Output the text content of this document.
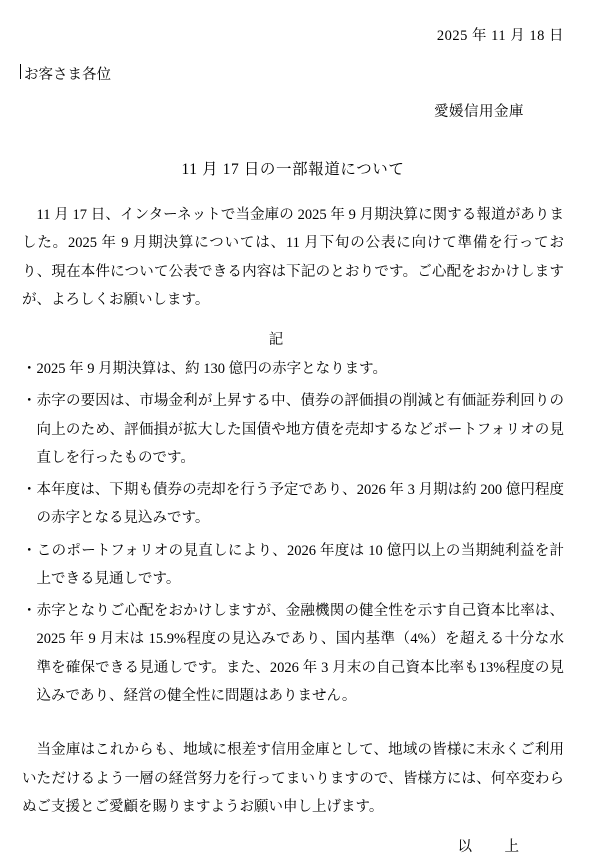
2025 年 11 月 18 日
お客さま各位
愛媛信用金庫
11 月 17 日の一部報道について
11 月 17 日、インターネットで当金庫の 2025 年 9 月期決算に関する報道がありました。2025 年 9 月期決算については、11 月下旬の公表に向けて準備を行っており、現在本件について公表できる内容は下記のとおりです。ご心配をおかけしますが、よろしくお願いします。
記
・2025 年 9 月期決算は、約 130 億円の赤字となります。
・赤字の要因は、市場金利が上昇する中、債券の評価損の削減と有価証券利回りの向上のため、評価損が拡大した国債や地方債を売却するなどポートフォリオの見直しを行ったものです。
・本年度は、下期も債券の売却を行う予定であり、2026 年 3 月期は約 200 億円程度の赤字となる見込みです。
・このポートフォリオの見直しにより、2026 年度は 10 億円以上の当期純利益を計上できる見通しです。
・赤字となりご心配をおかけしますが、金融機関の健全性を示す自己資本比率は、2025 年 9 月末は 15.9%程度の見込みであり、国内基準（4%）を超える十分な水準を確保できる見通しです。また、2026 年 3 月末の自己資本比率も13%程度の見込みであり、経営の健全性に問題はありません。
当金庫はこれからも、地域に根差す信用金庫として、地域の皆様に末永くご利用いただけるよう一層の経営努力を行ってまいりますので、皆様方には、何卒変わらぬご支援とご愛顧を賜りますようお願い申し上げます。
以　上
